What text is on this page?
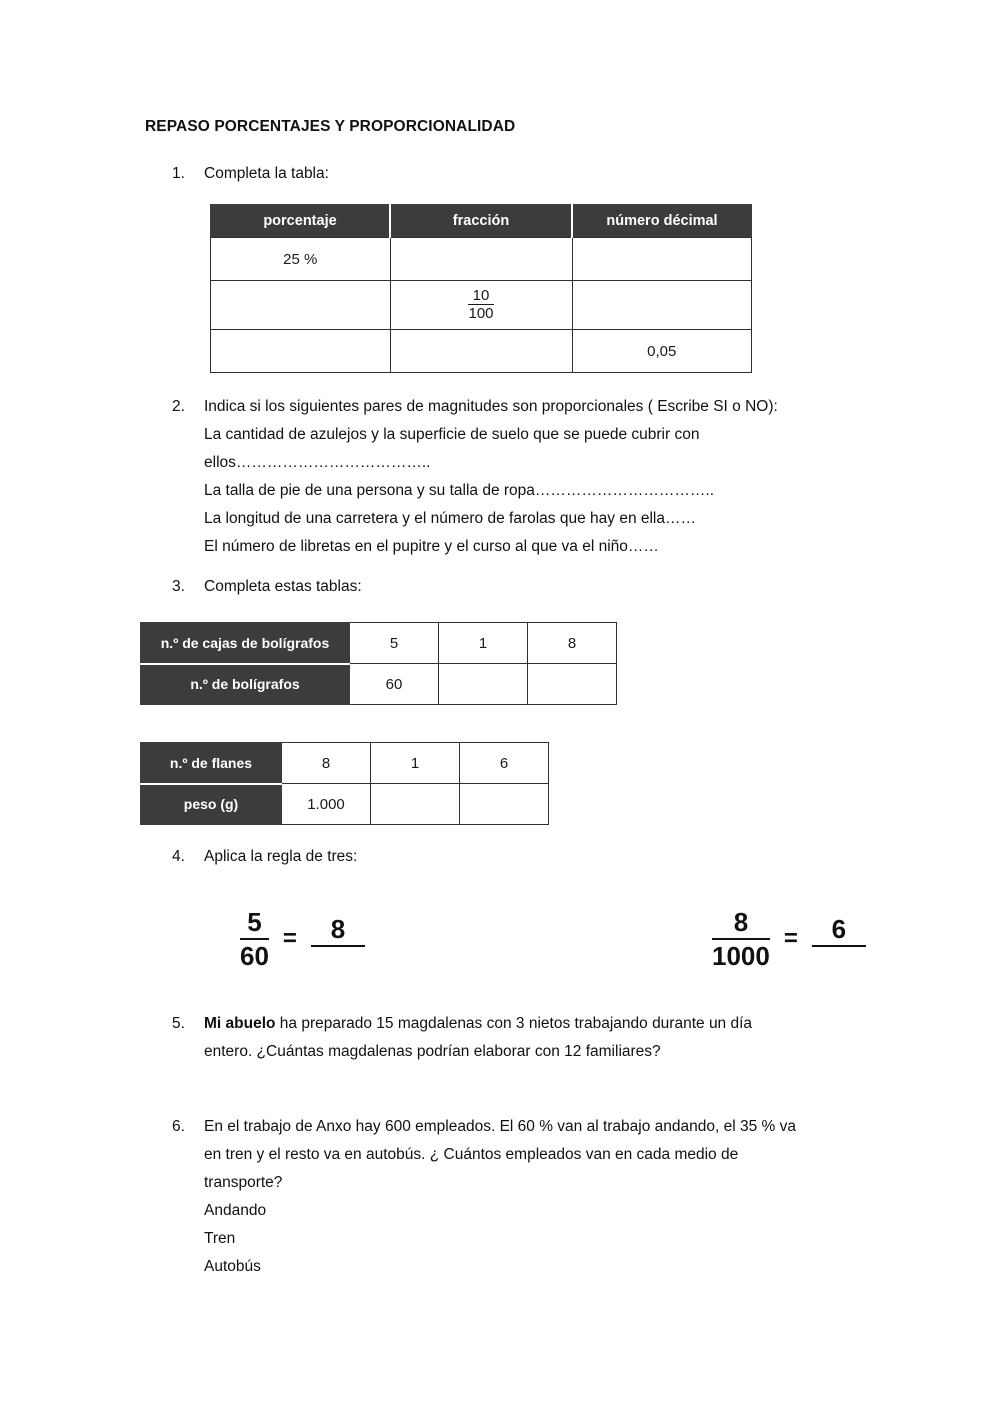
REPASO PORCENTAJES Y PROPORCIONALIDAD
1.	Completa la tabla:
porcentaje	fracción	número décimal
25 %		

	$\frac{10}{100}$

		0,05
2.	Indica si los siguientes pares de magnitudes son proporcionales ( Escribe SI o NO):
La cantidad de azulejos y la superficie de suelo que se puede cubrir con
ellos………………………………..
La talla de pie de una persona y su talla de ropa……………………………..
La longitud de una carretera y el número de farolas que hay en ella……
El número de libretas en el pupitre y el curso al que va el niño……
3.	Completa estas tablas:
n.º de cajas de bolígrafos	5	1	8
n.º de bolígrafos	60		
n.º de flanes	8	1	6
peso (g)	1.000		
4.	Aplica la regla de tres:
$\frac{5}{60}$ =	8	$\frac{8}{1000}$ =	6
5.	Mi abuelo ha preparado 15 magdalenas con 3 nietos trabajando durante un día
entero. ¿Cuántas magdalenas podrían elaborar con 12 familiares?
6.	En el trabajo de Anxo hay 600 empleados. El 60 % van al trabajo andando, el 35 % va
en tren y el resto va en autobús. ¿ Cuántos empleados van en cada medio de
transporte?
Andando
Tren
Autobús
